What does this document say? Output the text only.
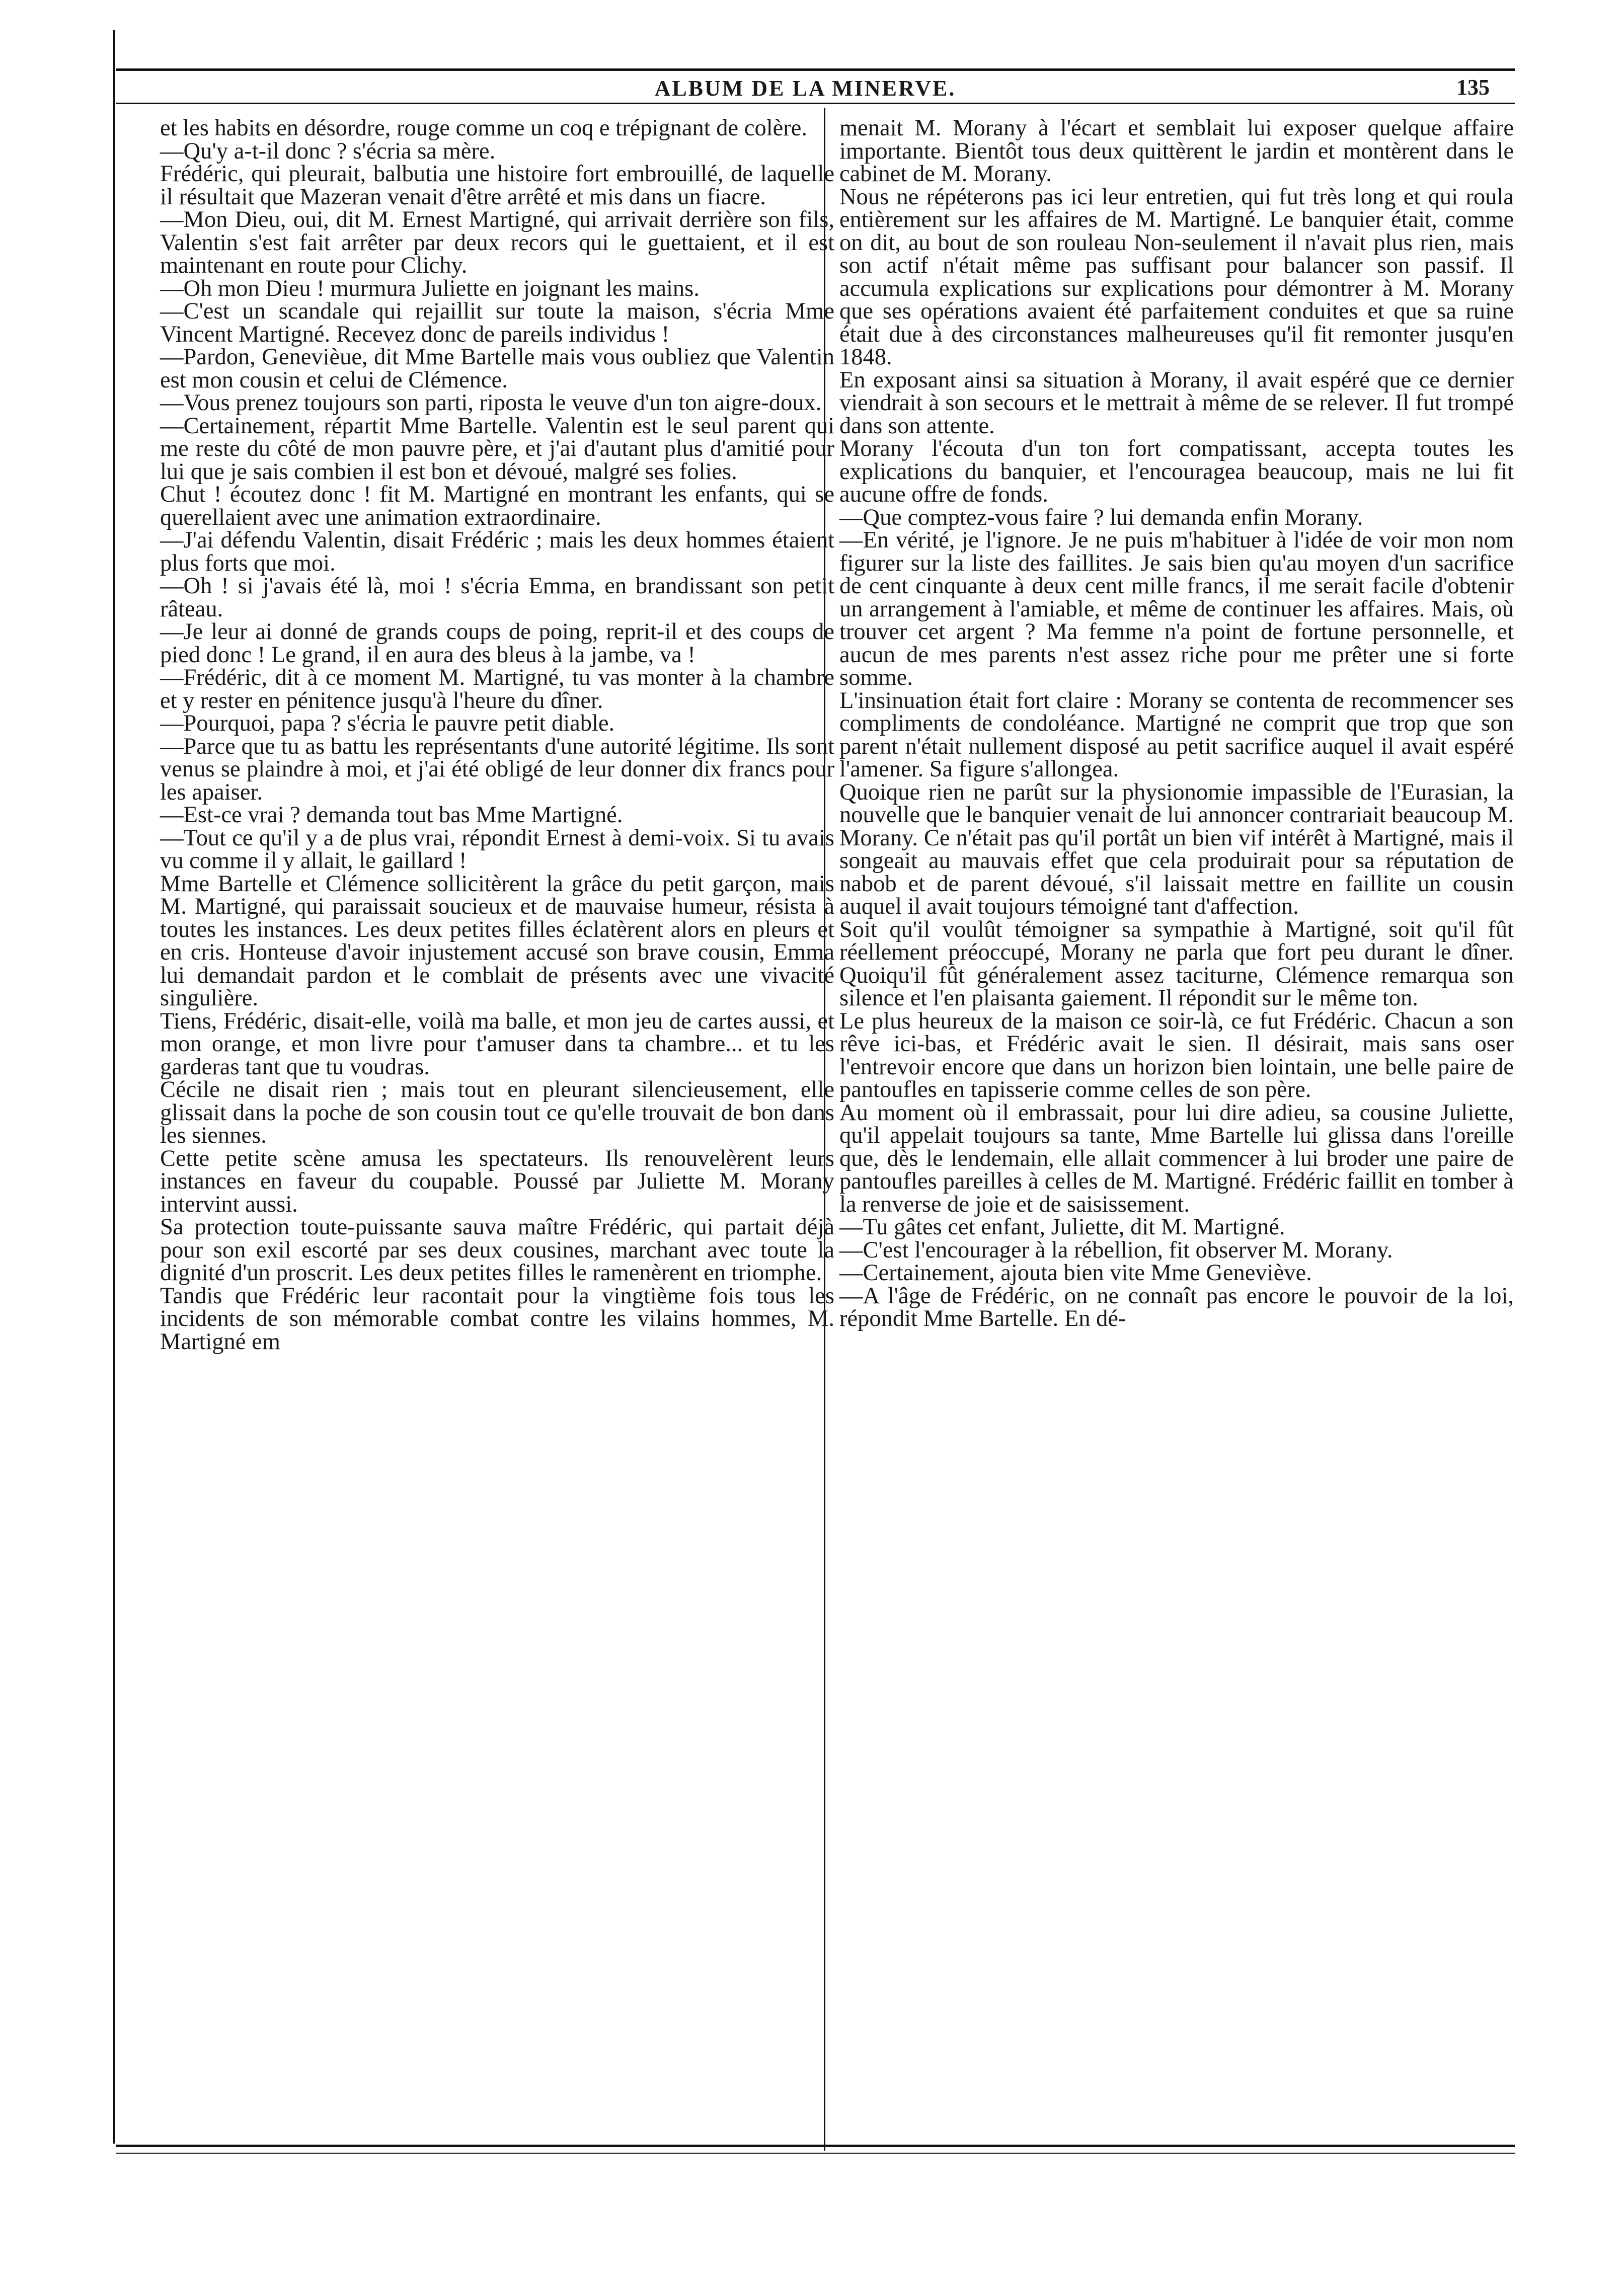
ALBUM DE LA MINERVE.	135

et les habits en désordre, rouge comme un coq e trépignant de colère.

—Qu'y a-t-il donc ? s'écria sa mère.

Frédéric, qui pleurait, balbutia une histoire fort embrouillé, de laquelle il résultait que Mazeran venait d'être arrêté et mis dans un fiacre.

—Mon Dieu, oui, dit M. Ernest Martigné, qui arrivait derrière son fils, Valentin s'est fait arrêter par deux recors qui le guettaient, et il est maintenant en route pour Clichy.

—Oh mon Dieu ! murmura Juliette en joignant les mains.

—C'est un scandale qui rejaillit sur toute la maison, s'écria Mme Vincent Martigné. Recevez donc de pareils individus !

—Pardon, Genevièue, dit Mme Bartelle mais vous oubliez que Valentin est mon cousin et celui de Clémence.

—Vous prenez toujours son parti, riposta le veuve d'un ton aigre-doux.

—Certainement, répartit Mme Bartelle. Valentin est le seul parent qui me reste du côté de mon pauvre père, et j'ai d'autant plus d'amitié pour lui que je sais combien il est bon et dévoué, malgré ses folies.

Chut ! écoutez donc ! fit M. Martigné en montrant les enfants, qui se querellaient avec une animation extraordinaire.

—J'ai défendu Valentin, disait Frédéric ; mais les deux hommes étaient plus forts que moi.

—Oh ! si j'avais été là, moi ! s'écria Emma, en brandissant son petit râteau.

—Je leur ai donné de grands coups de poing, reprit-il et des coups de pied donc ! Le grand, il en aura des bleus à la jambe, va !

—Frédéric, dit à ce moment M. Martigné, tu vas monter à la chambre et y rester en pénitence jusqu'à l'heure du dîner.

—Pourquoi, papa ? s'écria le pauvre petit diable.

—Parce que tu as battu les représentants d'une autorité légitime. Ils sont venus se plaindre à moi, et j'ai été obligé de leur donner dix francs pour les apaiser.

—Est-ce vrai ? demanda tout bas Mme Martigné.

—Tout ce qu'il y a de plus vrai, répondit Ernest à demi-voix. Si tu avais vu comme il y allait, le gaillard !

Mme Bartelle et Clémence sollicitèrent la grâce du petit garçon, mais M. Martigné, qui paraissait soucieux et de mauvaise humeur, résista à toutes les instances. Les deux petites filles éclatèrent alors en pleurs et en cris. Honteuse d'avoir injustement accusé son brave cousin, Emma lui demandait pardon et le comblait de présents avec une vivacité singulière.

Tiens, Frédéric, disait-elle, voilà ma balle, et mon jeu de cartes aussi, et mon orange, et mon livre pour t'amuser dans ta chambre... et tu les garderas tant que tu voudras.

Cécile ne disait rien ; mais tout en pleurant silencieusement, elle glissait dans la poche de son cousin tout ce qu'elle trouvait de bon dans les siennes.

Cette petite scène amusa les spectateurs. Ils renouvelèrent leurs instances en faveur du coupable. Poussé par Juliette M. Morany intervint aussi.

Sa protection toute-puissante sauva maître Frédéric, qui partait déjà pour son exil escorté par ses deux cousines, marchant avec toute la dignité d'un proscrit. Les deux petites filles le ramenèrent en triomphe.

Tandis que Frédéric leur racontait pour la vingtième fois tous les incidents de son mémorable combat contre les vilains hommes, M. Martigné em

menait M. Morany à l'écart et semblait lui exposer quelque affaire importante. Bientôt tous deux quittèrent le jardin et montèrent dans le cabinet de M. Morany.

Nous ne répéterons pas ici leur entretien, qui fut très long et qui roula entièrement sur les affaires de M. Martigné. Le banquier était, comme on dit, au bout de son rouleau Non-seulement il n'avait plus rien, mais son actif n'était même pas suffisant pour balancer son passif. Il accumula explications sur explications pour démontrer à M. Morany que ses opérations avaient été parfaitement conduites et que sa ruine était due à des circonstances malheureuses qu'il fit remonter jusqu'en 1848.

En exposant ainsi sa situation à Morany, il avait espéré que ce dernier viendrait à son secours et le mettrait à même de se relever. Il fut trompé dans son attente.

Morany l'écouta d'un ton fort compatissant, accepta toutes les explications du banquier, et l'encouragea beaucoup, mais ne lui fit aucune offre de fonds.

—Que comptez-vous faire ? lui demanda enfin Morany.

—En vérité, je l'ignore. Je ne puis m'habituer à l'idée de voir mon nom figurer sur la liste des faillites. Je sais bien qu'au moyen d'un sacrifice de cent cinquante à deux cent mille francs, il me serait facile d'obtenir un arrangement à l'amiable, et même de continuer les affaires. Mais, où trouver cet argent ? Ma femme n'a point de fortune personnelle, et aucun de mes parents n'est assez riche pour me prêter une si forte somme.

L'insinuation était fort claire : Morany se contenta de recommencer ses compliments de condoléance. Martigné ne comprit que trop que son parent n'était nullement disposé au petit sacrifice auquel il avait espéré l'amener. Sa figure s'allongea.

Quoique rien ne parût sur la physionomie impassible de l'Eurasian, la nouvelle que le banquier venait de lui annoncer contrariait beaucoup M. Morany. Ce n'était pas qu'il portât un bien vif intérêt à Martigné, mais il songeait au mauvais effet que cela produirait pour sa réputation de nabob et de parent dévoué, s'il laissait mettre en faillite un cousin auquel il avait toujours témoigné tant d'affection.

Soit qu'il voulût témoigner sa sympathie à Martigné, soit qu'il fût réellement préoccupé, Morany ne parla que fort peu durant le dîner. Quoiqu'il fût généralement assez taciturne, Clémence remarqua son silence et l'en plaisanta gaiement. Il répondit sur le même ton.

Le plus heureux de la maison ce soir-là, ce fut Frédéric. Chacun a son rêve ici-bas, et Frédéric avait le sien. Il désirait, mais sans oser l'entrevoir encore que dans un horizon bien lointain, une belle paire de pantoufles en tapisserie comme celles de son père.

Au moment où il embrassait, pour lui dire adieu, sa cousine Juliette, qu'il appelait toujours sa tante, Mme Bartelle lui glissa dans l'oreille que, dès le lendemain, elle allait commencer à lui broder une paire de pantoufles pareilles à celles de M. Martigné. Frédéric faillit en tomber à la renverse de joie et de saisissement.

—Tu gâtes cet enfant, Juliette, dit M. Martigné.

—C'est l'encourager à la rébellion, fit observer M. Morany.

—Certainement, ajouta bien vite Mme Geneviève.

—A l'âge de Frédéric, on ne connaît pas encore le pouvoir de la loi, répondit Mme Bartelle. En dé-
